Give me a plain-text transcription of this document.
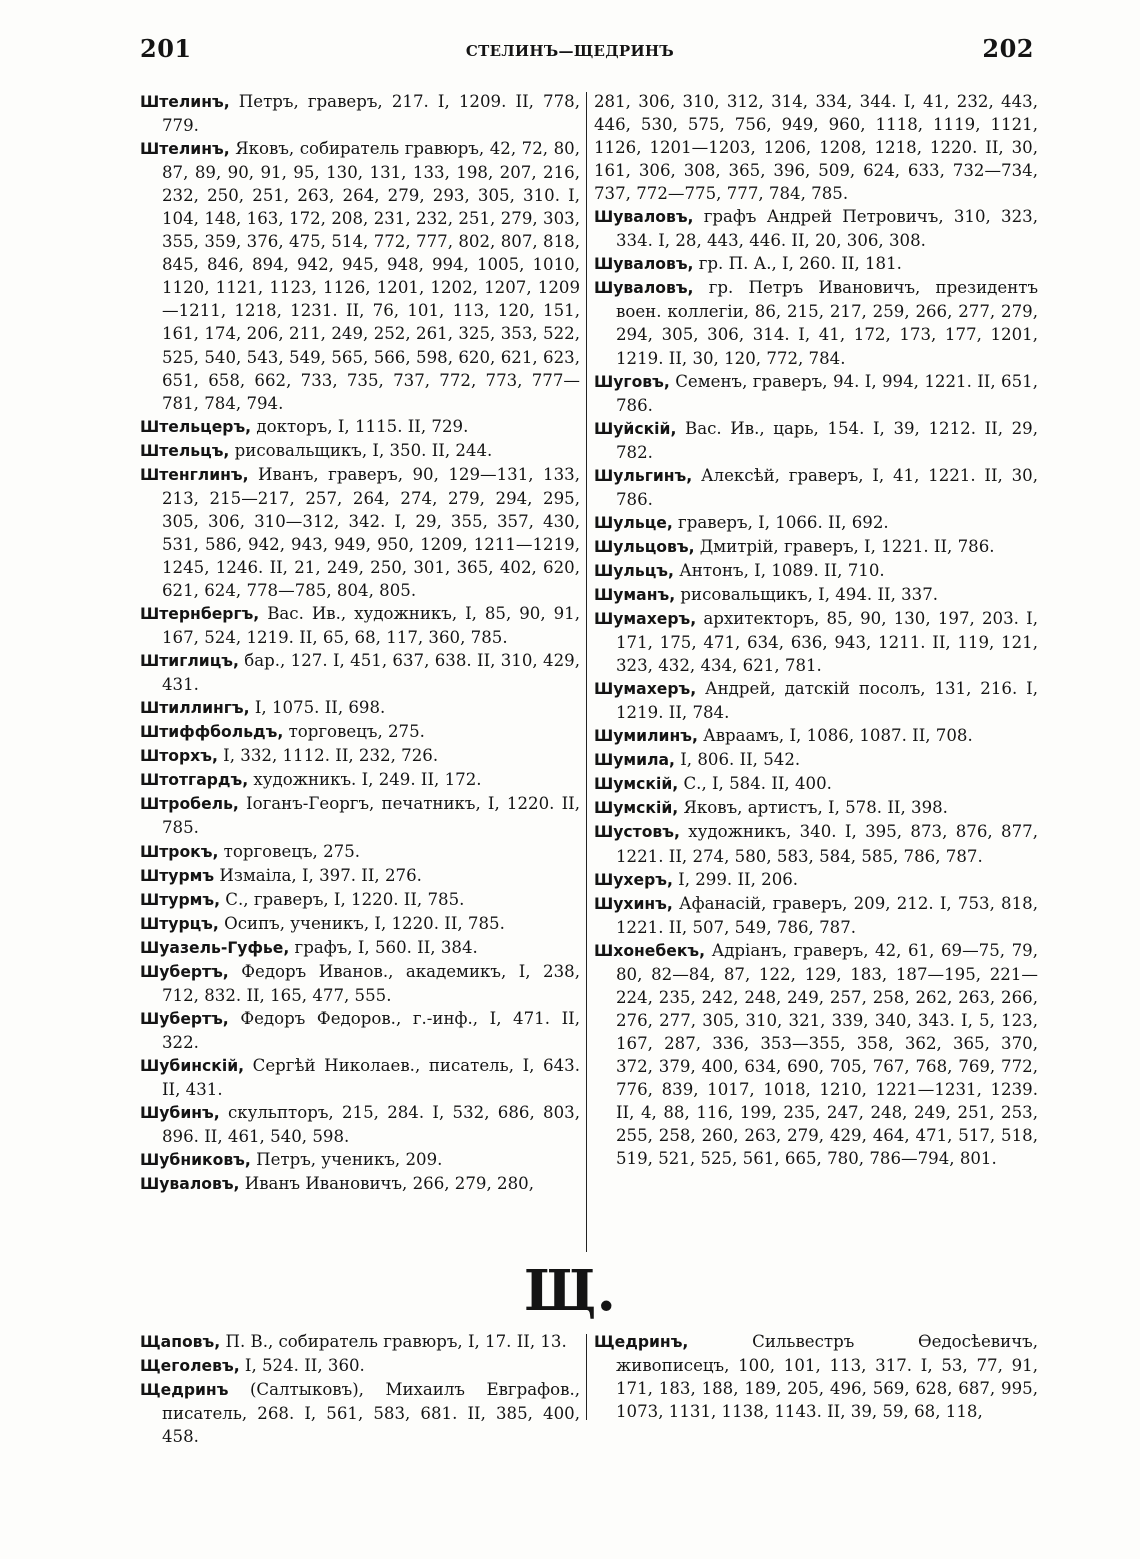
201	СТЕЛИНЪ—ЩЕДРИНЪ	202
Штелинъ, Петръ, граверъ, 217. I, 1209. II, 778, 779.
Штелинъ, Яковъ, собиратель гравюръ, 42, 72, 80, 87, 89, 90, 91, 95, 130, 131, 133, 198, 207, 216, 232, 250, 251, 263, 264, 279, 293, 305, 310. I, 104, 148, 163, 172, 208, 231, 232, 251, 279, 303, 355, 359, 376, 475, 514, 772, 777, 802, 807, 818, 845, 846, 894, 942, 945, 948, 994, 1005, 1010, 1120, 1121, 1123, 1126, 1201, 1202, 1207, 1209—1211, 1218, 1231. II, 76, 101, 113, 120, 151, 161, 174, 206, 211, 249, 252, 261, 325, 353, 522, 525, 540, 543, 549, 565, 566, 598, 620, 621, 623, 651, 658, 662, 733, 735, 737, 772, 773, 777—781, 784, 794.
Штельцеръ, докторъ, I, 1115. II, 729.
Штельцъ, рисовальщикъ, I, 350. II, 244.
Штенглинъ, Иванъ, граверъ, 90, 129—131, 133, 213, 215—217, 257, 264, 274, 279, 294, 295, 305, 306, 310—312, 342. I, 29, 355, 357, 430, 531, 586, 942, 943, 949, 950, 1209, 1211—1219, 1245, 1246. II, 21, 249, 250, 301, 365, 402, 620, 621, 624, 778—785, 804, 805.
Штернбергъ, Вас. Ив., художникъ, I, 85, 90, 91, 167, 524, 1219. II, 65, 68, 117, 360, 785.
Штиглицъ, бар., 127. I, 451, 637, 638. II, 310, 429, 431.
Штиллингъ, I, 1075. II, 698.
Штиффбольдъ, торговецъ, 275.
Шторхъ, I, 332, 1112. II, 232, 726.
Штотгардъ, художникъ. I, 249. II, 172.
Штробель, Іоганъ-Георгъ, печатникъ, I, 1220. II, 785.
Штрокъ, торговецъ, 275.
Штурмъ Измаіла, I, 397. II, 276.
Штурмъ, С., граверъ, I, 1220. II, 785.
Штурцъ, Осипъ, ученикъ, I, 1220. II, 785.
Шуазель-Гуфье, графъ, I, 560. II, 384.
Шубертъ, Федоръ Иванов., академикъ, I, 238, 712, 832. II, 165, 477, 555.
Шубертъ, Федоръ Федоров., г.-инф., I, 471. II, 322.
Шубинскій, Сергѣй Николаев., писатель, I, 643. II, 431.
Шубинъ, скульпторъ, 215, 284. I, 532, 686, 803, 896. II, 461, 540, 598.
Шубниковъ, Петръ, ученикъ, 209.
Шуваловъ, Иванъ Ивановичъ, 266, 279, 280,
281, 306, 310, 312, 314, 334, 344. I, 41, 232, 443, 446, 530, 575, 756, 949, 960, 1118, 1119, 1121, 1126, 1201—1203, 1206, 1208, 1218, 1220. II, 30, 161, 306, 308, 365, 396, 509, 624, 633, 732—734, 737, 772—775, 777, 784, 785.
Шуваловъ, графъ Андрей Петровичъ, 310, 323, 334. I, 28, 443, 446. II, 20, 306, 308.
Шуваловъ, гр. П. А., I, 260. II, 181.
Шуваловъ, гр. Петръ Ивановичъ, президентъ воен. коллегіи, 86, 215, 217, 259, 266, 277, 279, 294, 305, 306, 314. I, 41, 172, 173, 177, 1201, 1219. II, 30, 120, 772, 784.
Шуговъ, Семенъ, граверъ, 94. I, 994, 1221. II, 651, 786.
Шуйскій, Вас. Ив., царь, 154. I, 39, 1212. II, 29, 782.
Шульгинъ, Алексѣй, граверъ, I, 41, 1221. II, 30, 786.
Шульце, граверъ, I, 1066. II, 692.
Шульцовъ, Дмитрій, граверъ, I, 1221. II, 786.
Шульцъ, Антонъ, I, 1089. II, 710.
Шуманъ, рисовальщикъ, I, 494. II, 337.
Шумахеръ, архитекторъ, 85, 90, 130, 197, 203. I, 171, 175, 471, 634, 636, 943, 1211. II, 119, 121, 323, 432, 434, 621, 781.
Шумахеръ, Андрей, датскій посолъ, 131, 216. I, 1219. II, 784.
Шумилинъ, Авраамъ, I, 1086, 1087. II, 708.
Шумила, I, 806. II, 542.
Шумскій, С., I, 584. II, 400.
Шумскій, Яковъ, артистъ, I, 578. II, 398.
Шустовъ, художникъ, 340. I, 395, 873, 876, 877, 1221. II, 274, 580, 583, 584, 585, 786, 787.
Шухеръ, I, 299. II, 206.
Шухинъ, Афанасій, граверъ, 209, 212. I, 753, 818, 1221. II, 507, 549, 786, 787.
Шхонебекъ, Адріанъ, граверъ, 42, 61, 69—75, 79, 80, 82—84, 87, 122, 129, 183, 187—195, 221—224, 235, 242, 248, 249, 257, 258, 262, 263, 266, 276, 277, 305, 310, 321, 339, 340, 343. I, 5, 123, 167, 287, 336, 353—355, 358, 362, 365, 370, 372, 379, 400, 634, 690, 705, 767, 768, 769, 772, 776, 839, 1017, 1018, 1210, 1221—1231, 1239. II, 4, 88, 116, 199, 235, 247, 248, 249, 251, 253, 255, 258, 260, 263, 279, 429, 464, 471, 517, 518, 519, 521, 525, 561, 665, 780, 786—794, 801.
Щ.
Щаповъ, П. В., собиратель гравюръ, I, 17. II, 13.
Щеголевъ, I, 524. II, 360.
Щедринъ (Салтыковъ), Михаилъ Евграфов., писатель, 268. I, 561, 583, 681. II, 385, 400, 458.
Щедринъ, Сильвестръ Ѳедосѣевичъ, живописецъ, 100, 101, 113, 317. I, 53, 77, 91, 171, 183, 188, 189, 205, 496, 569, 628, 687, 995, 1073, 1131, 1138, 1143. II, 39, 59, 68, 118,
